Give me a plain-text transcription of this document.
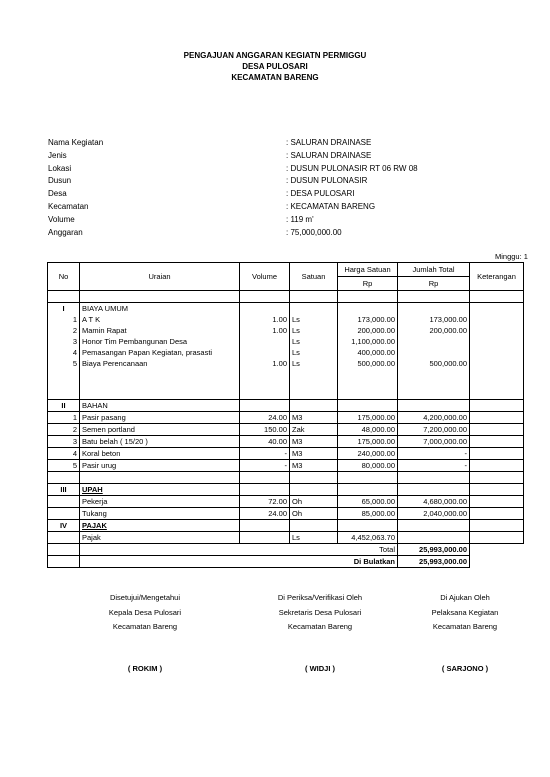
PENGAJUAN ANGGARAN KEGIATN PERMIGGU
DESA PULOSARI
KECAMATAN BARENG
Nama Kegiatan	: SALURAN DRAINASE
Jenis	: SALURAN DRAINASE
Lokasi	: DUSUN PULONASIR RT 06 RW 08
Dusun	: DUSUN PULONASIR
Desa	: DESA PULOSARI
Kecamatan	: KECAMATAN BARENG
Volume	: 119 m'
Anggaran	: 75,000,000.00
Minggu: 1
No	Uraian	Volume	Satuan	Harga Satuan	Jumlah Total	Keterangan
				Rp	Rp	

I	BIAYA UMUM					
1	A T K	1.00	Ls	173,000.00	173,000.00	
2	Mamin Rapat	1.00	Ls	200,000.00	200,000.00	
3	Honor Tim Pembangunan Desa		Ls	1,100,000.00		
4	Pemasangan Papan Kegiatan, prasasti		Ls	400,000.00		
5	Biaya Perencanaan	1.00	Ls	500,000.00	500,000.00	

II	BAHAN					
1	Pasir pasang	24.00	M3	175,000.00	4,200,000.00	
2	Semen portland	150.00	Zak	48,000.00	7,200,000.00	
3	Batu belah ( 15/20 )	40.00	M3	175,000.00	7,000,000.00	
4	Koral beton	-	M3	240,000.00	-	
5	Pasir urug	-	M3	80,000.00	-	

III	UPAH					
	Pekerja	72.00	Oh	65,000.00	4,680,000.00	
	Tukang	24.00	Oh	85,000.00	2,040,000.00	
IV	PAJAK					
	Pajak		Ls	4,452,063.70		
	Total				25,993,000.00	
	Di Bulatkan				25,993,000.00	
Disetujui/Mengetahui
Kepala Desa Pulosari
Kecamatan Bareng
( ROKIM )
Di Periksa/Verifikasi Oleh
Sekretaris Desa Pulosari
Kecamatan Bareng
( WIDJI )
Di Ajukan Oleh
Pelaksana Kegiatan
Kecamatan Bareng
( SARJONO )
